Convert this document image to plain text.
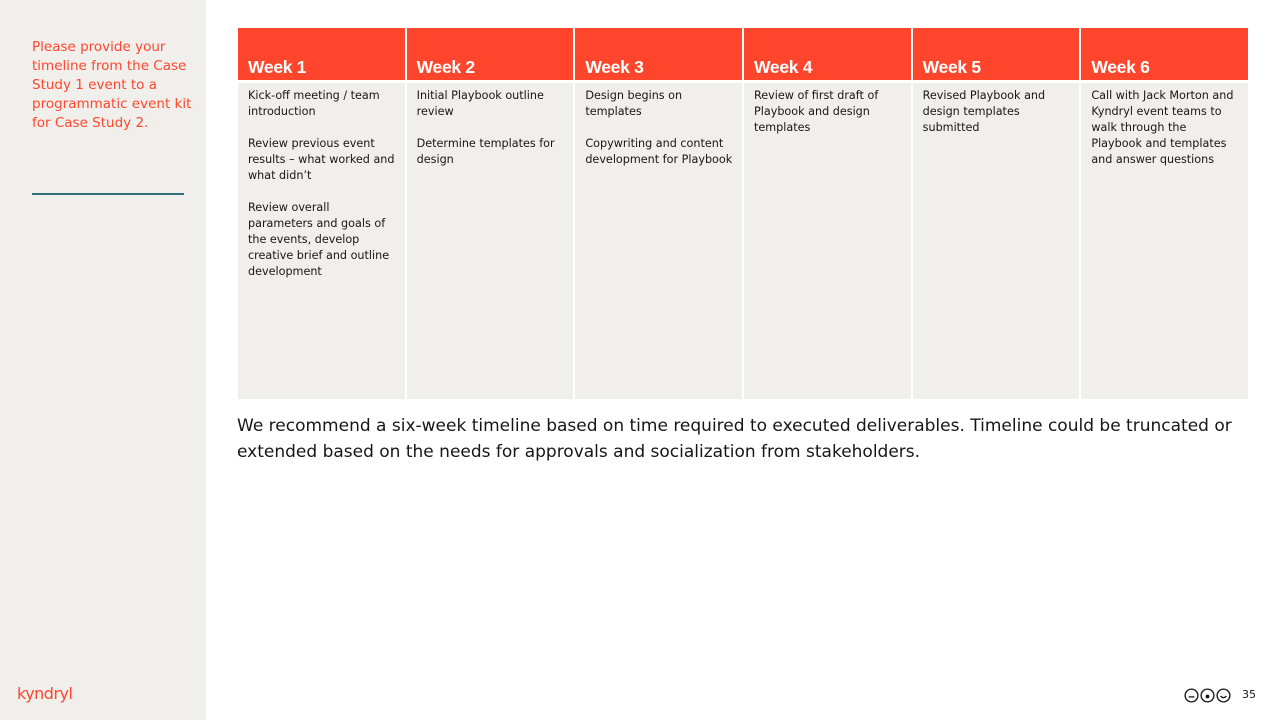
Please provide your timeline from the Case Study 1 event to a programmatic event kit for Case Study 2.
kyndryl
Week 1

Kick-off meeting / team introduction

Review previous event results – what worked and what didn’t

Review overall parameters and goals of the events, develop creative brief and outline development

Week 2

Initial Playbook outline review

Determine templates for design

Week 3

Design begins on templates

Copywriting and content development for Playbook

Week 4

Review of first draft of Playbook and design templates

Week 5

Revised Playbook and design templates submitted

Week 6

Call with Jack Morton and Kyndryl event teams to walk through the Playbook and templates and answer questions

We recommend a six-week timeline based on time required to executed deliverables. Timeline could be truncated or extended based on the needs for approvals and socialization from stakeholders.
35
